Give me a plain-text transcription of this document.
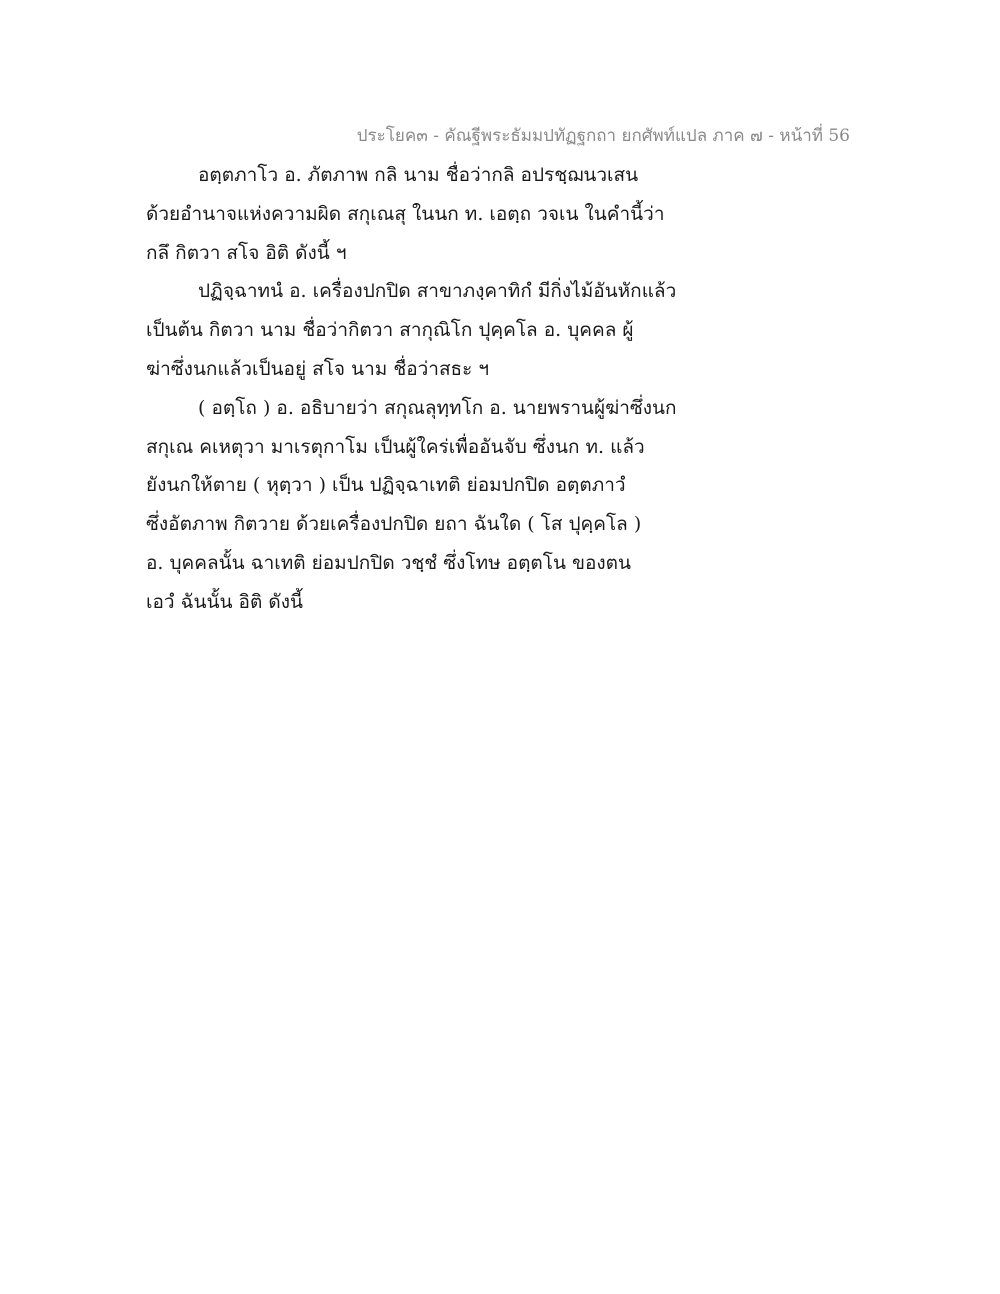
ประโยค๓ - คัณฐีพระธัมมปทัฏฐกถา ยกศัพท์แปล ภาค ๗ - หน้าที่ 56
อตฺตภาโว อ. ภัตภาพ กลิ นาม ชื่อว่ากลิ อปรชฺฌนวเสน
ด้วยอำนาจแห่งความผิด สกุเณสุ ในนก ท. เอตฺถ วจเน ในคำนี้ว่า
กลึ กิตวา สโจ อิติ ดังนี้ ฯ
ปฏิจฺฉาทนํ อ. เครื่องปกปิด สาขาภงฺคาทิกํ มีกิ่งไม้อันหักแล้ว
เป็นต้น กิตวา นาม ชื่อว่ากิตวา สากุณิโก ปุคฺคโล อ. บุคคล ผู้
ฆ่าซึ่งนกแล้วเป็นอยู่ สโจ นาม ชื่อว่าสธะ ฯ
( อตฺโถ ) อ. อธิบายว่า สกุณลุทฺทโก อ. นายพรานผู้ฆ่าซึ่งนก
สกุเณ คเหตุวา มาเรตุกาโม เป็นผู้ใคร่เพื่ออันจับ ซึ่งนก ท. แล้ว
ยังนกให้ตาย ( หุตฺวา ) เป็น ปฏิจฺฉาเทติ ย่อมปกปิด อตฺตภาวํ
ซึ่งอัตภาพ กิตวาย ด้วยเครื่องปกปิด ยถา ฉันใด ( โส ปุคฺคโล )
อ. บุคคลนั้น ฉาเทติ ย่อมปกปิด วชฺชํ ซึ่งโทษ อตฺตโน ของตน
เอวํ ฉันนั้น อิติ ดังนี้
